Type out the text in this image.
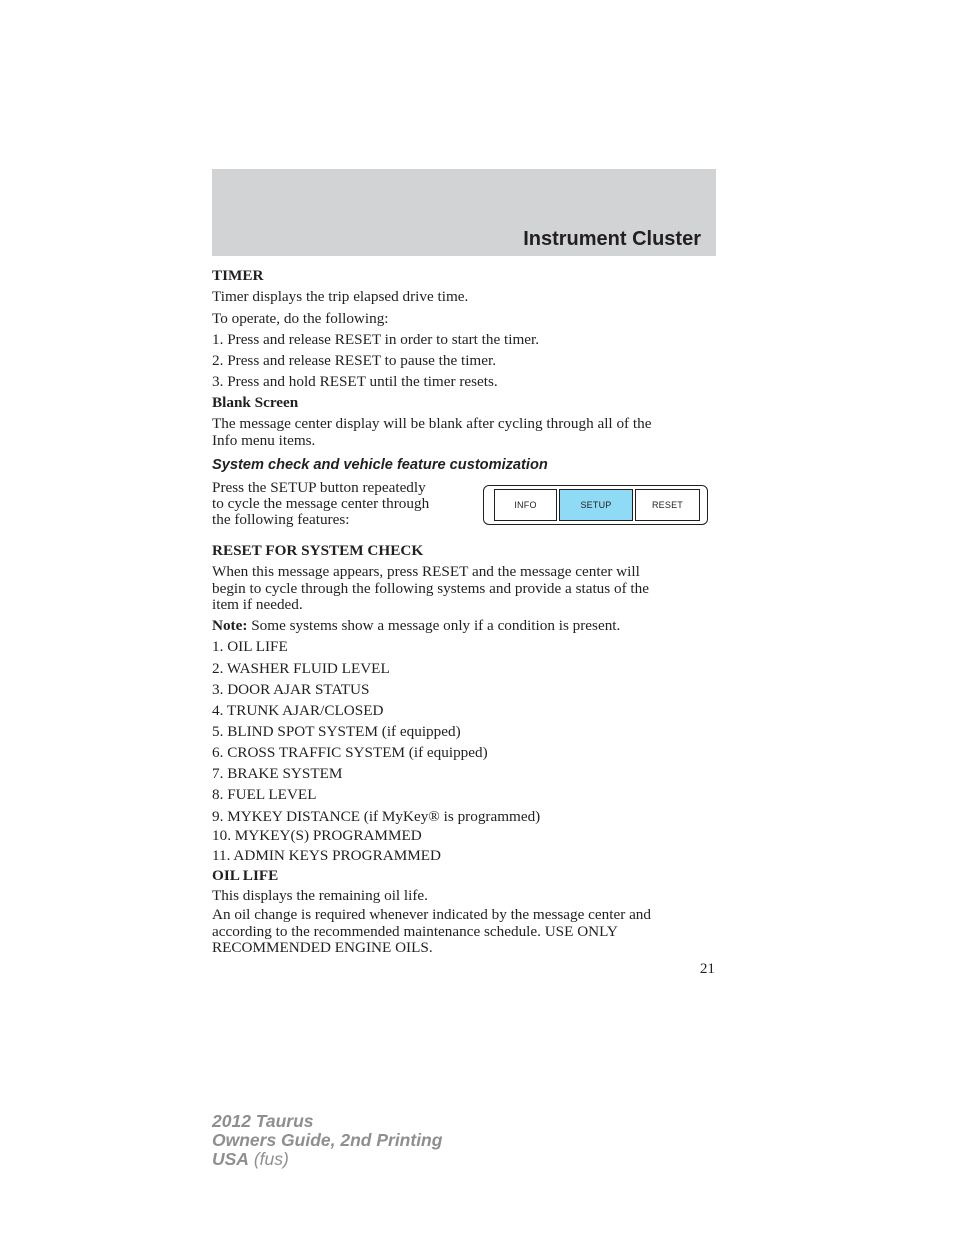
Instrument Cluster
TIMER
Timer displays the trip elapsed drive time.
To operate, do the following:
1. Press and release RESET in order to start the timer.
2. Press and release RESET to pause the timer.
3. Press and hold RESET until the timer resets.
Blank Screen
The message center display will be blank after cycling through all of the
Info menu items.
System check and vehicle feature customization
Press the SETUP button repeatedly
to cycle the message center through
the following features:
INFO	SETUP	RESET
RESET FOR SYSTEM CHECK
When this message appears, press RESET and the message center will
begin to cycle through the following systems and provide a status of the
item if needed.
Note: Some systems show a message only if a condition is present.
1. OIL LIFE
2. WASHER FLUID LEVEL
3. DOOR AJAR STATUS
4. TRUNK AJAR/CLOSED
5. BLIND SPOT SYSTEM (if equipped)
6. CROSS TRAFFIC SYSTEM (if equipped)
7. BRAKE SYSTEM
8. FUEL LEVEL
9. MYKEY DISTANCE (if MyKey® is programmed)
10. MYKEY(S) PROGRAMMED
11. ADMIN KEYS PROGRAMMED
OIL LIFE
This displays the remaining oil life.
An oil change is required whenever indicated by the message center and
according to the recommended maintenance schedule. USE ONLY
RECOMMENDED ENGINE OILS.
21
2012 Taurus
Owners Guide, 2nd Printing
USA (fus)
